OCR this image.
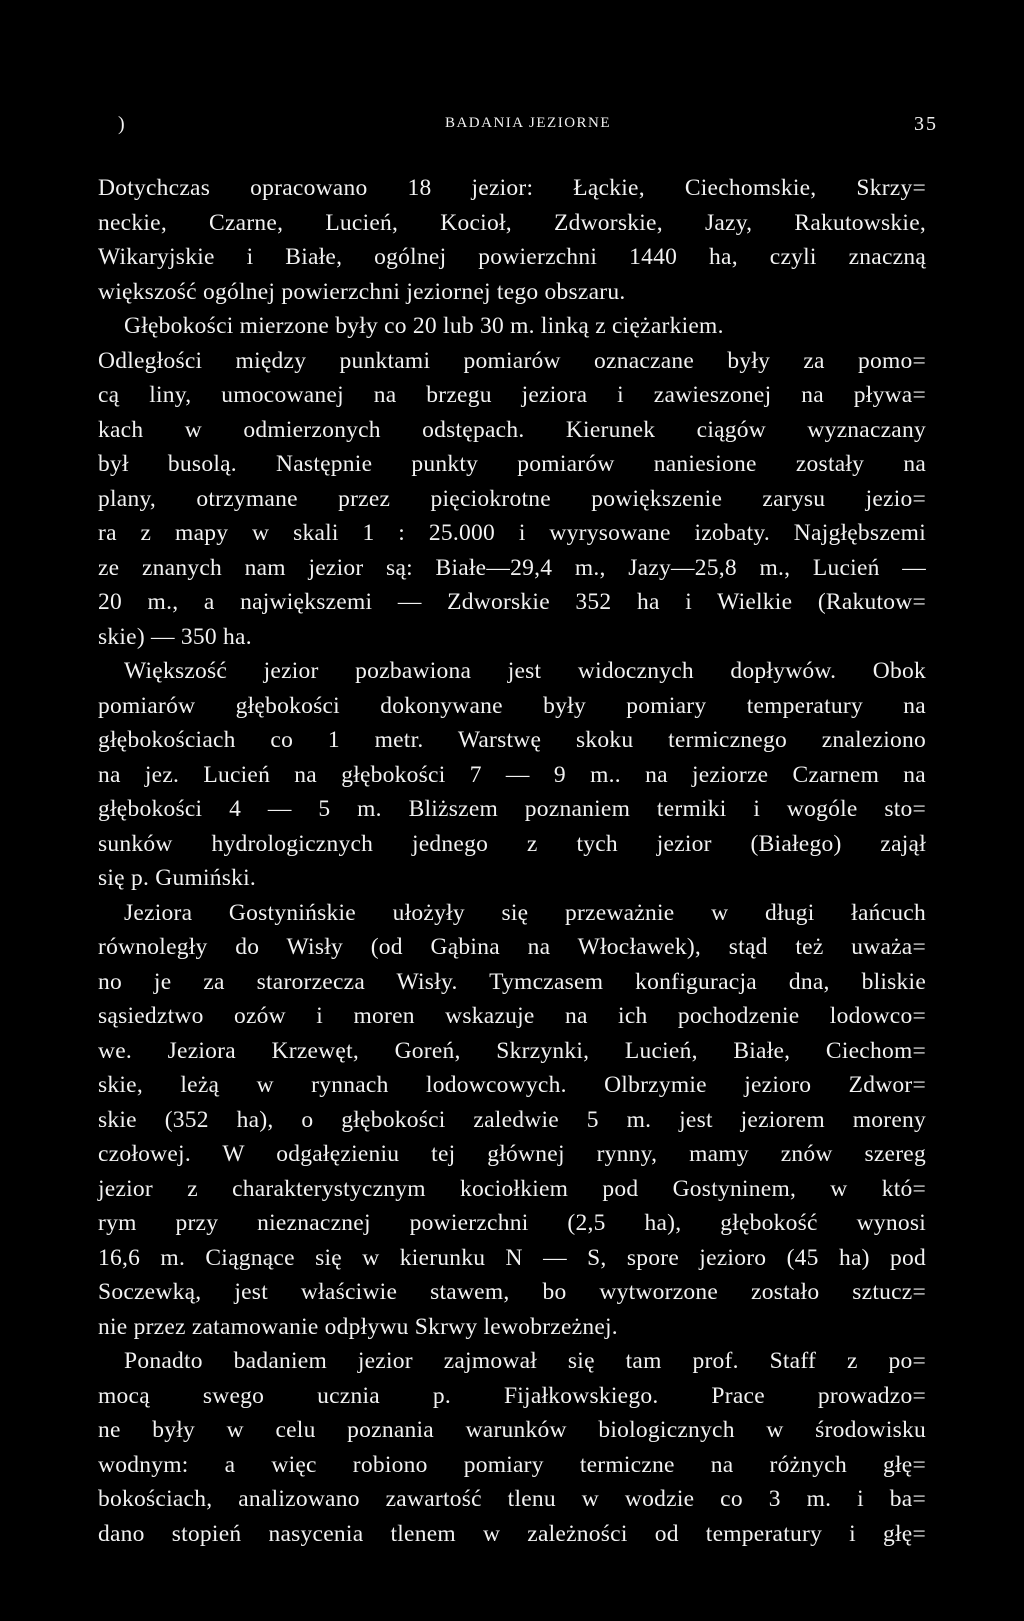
)	BADANIA JEZIORNE	35
Dotychczas opracowano 18 jezior: Łąckie, Ciechomskie, Skrzy=
neckie, Czarne, Lucień, Kocioł, Zdworskie, Jazy, Rakutowskie,
Wikaryjskie i Białe, ogólnej powierzchni 1440 ha, czyli znaczną
większość ogólnej powierzchni jeziornej tego obszaru.
Głębokości mierzone były co 20 lub 30 m. linką z ciężarkiem.
Odległości między punktami pomiarów oznaczane były za pomo=
cą liny, umocowanej na brzegu jeziora i zawieszonej na pływa=
kach w odmierzonych odstępach. Kierunek ciągów wyznaczany
był busolą. Następnie punkty pomiarów naniesione zostały na
plany, otrzymane przez pięciokrotne powiększenie zarysu jezio=
ra z mapy w skali 1 : 25.000 i wyrysowane izobaty. Najgłębszemi
ze znanych nam jezior są: Białe—29,4 m., Jazy—25,8 m., Lucień —
20 m., a największemi — Zdworskie 352 ha i Wielkie (Rakutow=
skie) — 350 ha.
Większość jezior pozbawiona jest widocznych dopływów. Obok
pomiarów głębokości dokonywane były pomiary temperatury na
głębokościach co 1 metr. Warstwę skoku termicznego znaleziono
na jez. Lucień na głębokości 7 — 9 m.. na jeziorze Czarnem na
głębokości 4 — 5 m. Bliższem poznaniem termiki i wogóle sto=
sunków hydrologicznych jednego z tych jezior (Białego) zajął
się p. Gumiński.
Jeziora Gostynińskie ułożyły się przeważnie w długi łańcuch
równoległy do Wisły (od Gąbina na Włocławek), stąd też uważa=
no je za starorzecza Wisły. Tymczasem konfiguracja dna, bliskie
sąsiedztwo ozów i moren wskazuje na ich pochodzenie lodowco=
we. Jeziora Krzewęt, Goreń, Skrzynki, Lucień, Białe, Ciechom=
skie, leżą w rynnach lodowcowych. Olbrzymie jezioro Zdwor=
skie (352 ha), o głębokości zaledwie 5 m. jest jeziorem moreny
czołowej. W odgałęzieniu tej głównej rynny, mamy znów szereg
jezior z charakterystycznym kociołkiem pod Gostyninem, w któ=
rym przy nieznacznej powierzchni (2,5 ha), głębokość wynosi
16,6 m. Ciągnące się w kierunku N — S, spore jezioro (45 ha) pod
Soczewką, jest właściwie stawem, bo wytworzone zostało sztucz=
nie przez zatamowanie odpływu Skrwy lewobrzeżnej.
Ponadto badaniem jezior zajmował się tam prof. Staff z po=
mocą swego ucznia p. Fijałkowskiego. Prace prowadzo=
ne były w celu poznania warunków biologicznych w środowisku
wodnym: a więc robiono pomiary termiczne na różnych głę=
bokościach, analizowano zawartość tlenu w wodzie co 3 m. i ba=
dano stopień nasycenia tlenem w zależności od temperatury i głę=
